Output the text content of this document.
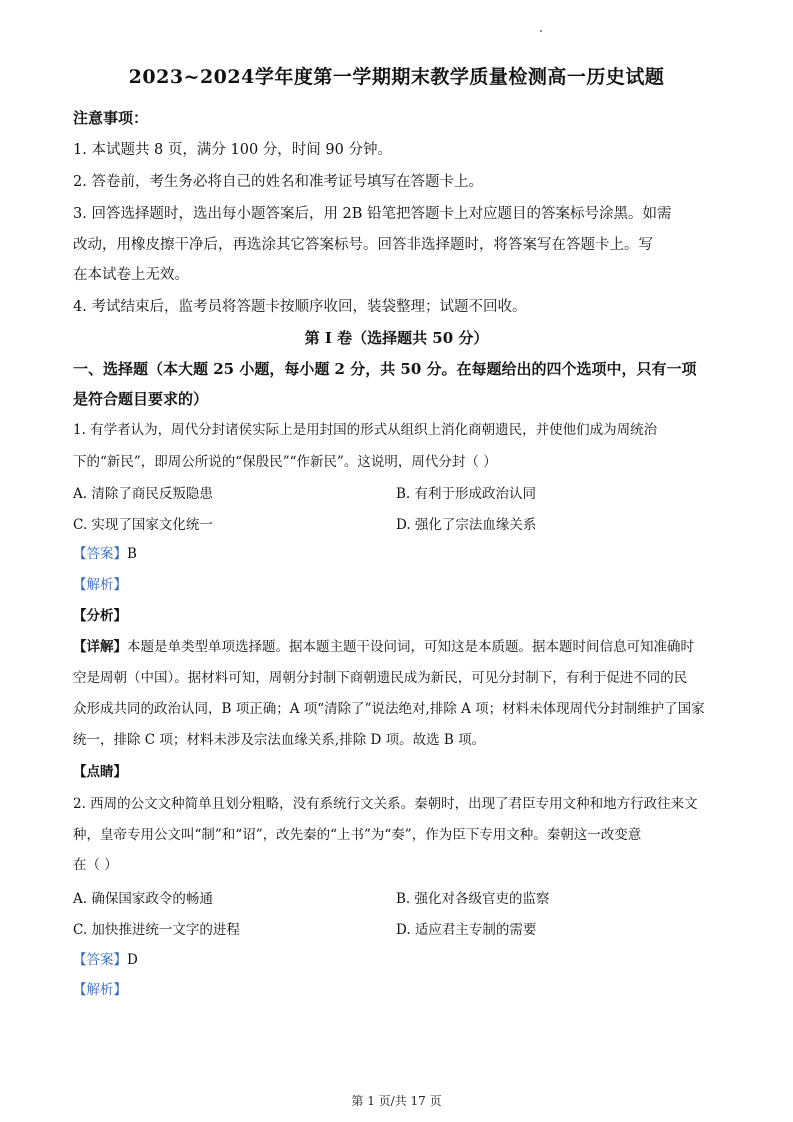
2023~2024学年度第一学期期末教学质量检测高一历史试题
注意事项：
1. 本试题共 8 页，满分 100 分，时间 90 分钟。
2. 答卷前，考生务必将自己的姓名和准考证号填写在答题卡上。
3. 回答选择题时，选出每小题答案后，用 2B 铅笔把答题卡上对应题目的答案标号涂黑。如需
改动，用橡皮擦干净后，再选涂其它答案标号。回答非选择题时，将答案写在答题卡上。写
在本试卷上无效。
4. 考试结束后，监考员将答题卡按顺序收回，装袋整理；试题不回收。
第 I 卷（选择题共 50 分）
一、选择题（本大题 25 小题，每小题 2 分，共 50 分。在每题给出的四个选项中，只有一项
是符合题目要求的）
1. 有学者认为，周代分封诸侯实际上是用封国的形式从组织上消化商朝遗民，并使他们成为周统治
下的“新民”，即周公所说的“保殷民”“作新民”。这说明，周代分封（ ）
A. 清除了商民反叛隐患	B. 有利于形成政治认同
C. 实现了国家文化统一	D. 强化了宗法血缘关系
【答案】B
【解析】
【分析】
【详解】本题是单类型单项选择题。据本题主题干设问词，可知这是本质题。据本题时间信息可知准确时
空是周朝（中国）。据材料可知，周朝分封制下商朝遗民成为新民，可见分封制下，有利于促进不同的民
众形成共同的政治认同，B 项正确；A 项“清除了”说法绝对,排除 A 项；材料未体现周代分封制维护了国家
统一，排除 C 项；材料未涉及宗法血缘关系,排除 D 项。故选 B 项。
【点睛】
2. 西周的公文文种简单且划分粗略，没有系统行文关系。秦朝时，出现了君臣专用文种和地方行政往来文
种，皇帝专用公文叫“制”和“诏”，改先秦的“上书”为“奏”，作为臣下专用文种。秦朝这一改变意
在（ ）
A. 确保国家政令的畅通	B. 强化对各级官吏的监察
C. 加快推进统一文字的进程	D. 适应君主专制的需要
【答案】D
【解析】
第 1 页/共 17 页
